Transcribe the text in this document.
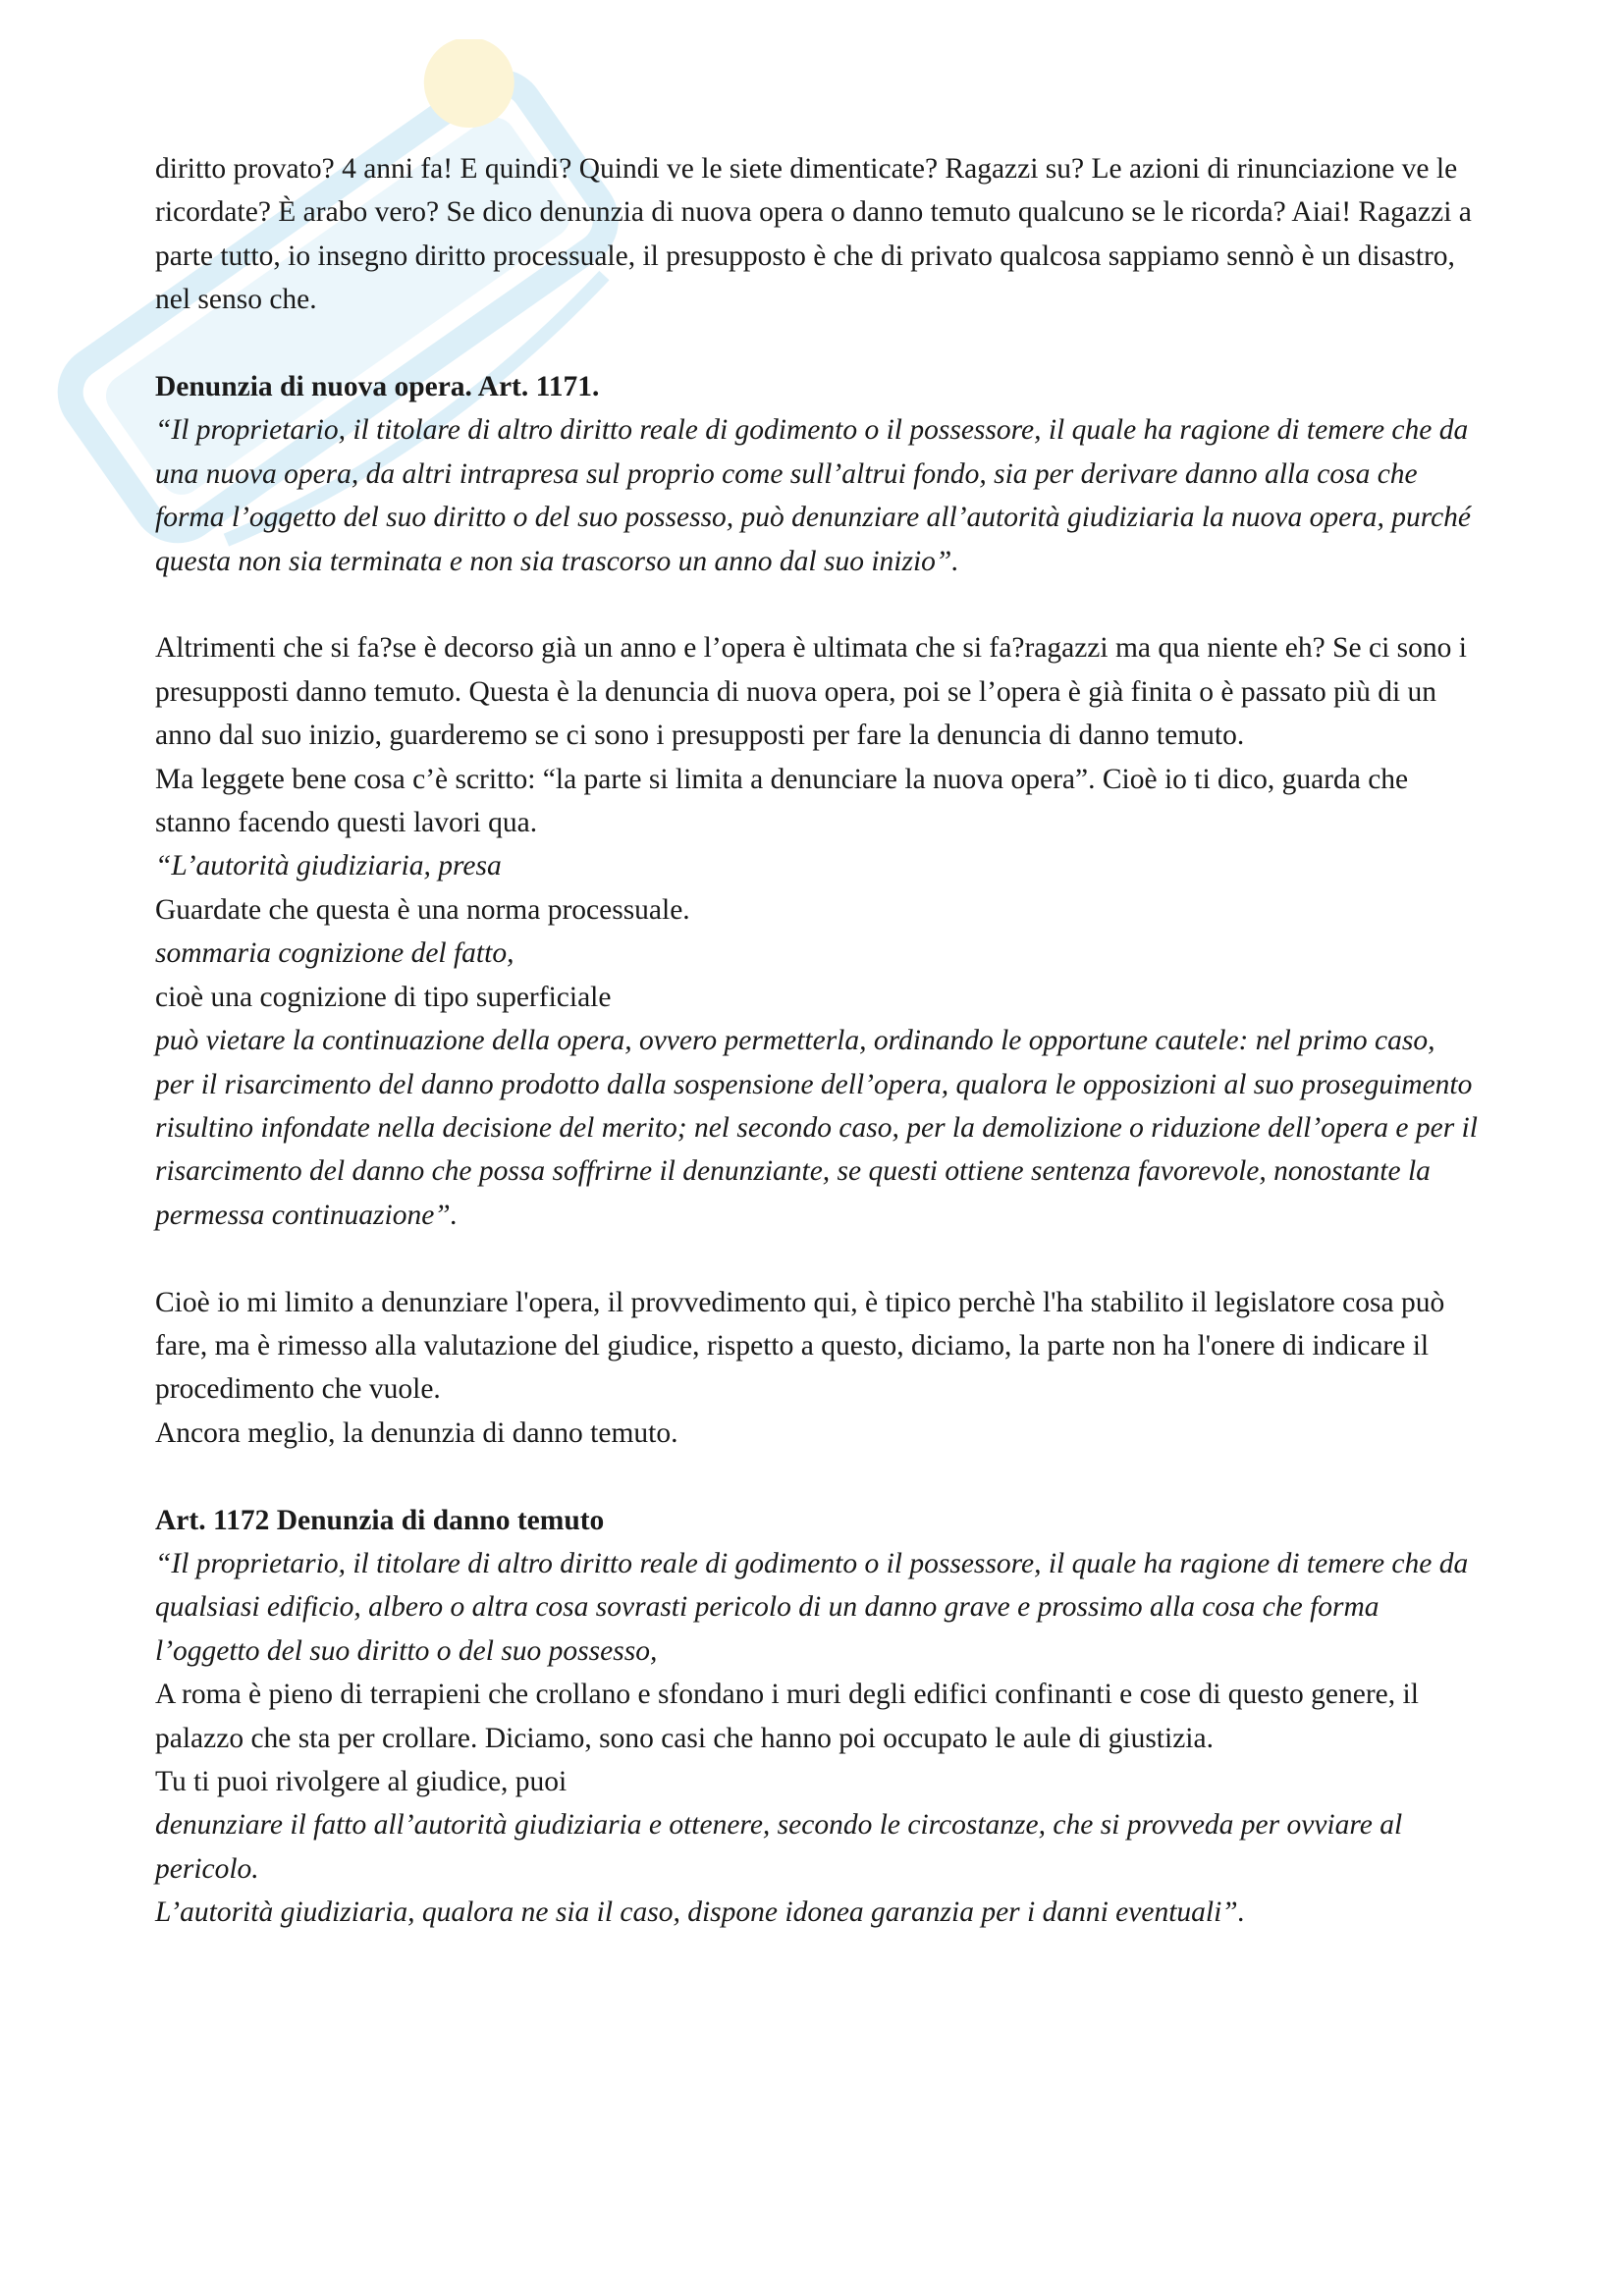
diritto provato? 4 anni fa! E quindi? Quindi ve le siete dimenticate? Ragazzi su? Le azioni di rinunciazione ve le ricordate? È arabo vero? Se dico denunzia di nuova opera o danno temuto qualcuno se le ricorda? Aiai! Ragazzi a parte tutto, io insegno diritto processuale, il presupposto è che di privato qualcosa sappiamo sennò è un disastro, nel senso che.

Denunzia di nuova opera. Art. 1171.

“Il proprietario, il titolare di altro diritto reale di godimento o il possessore, il quale ha ragione di temere che da una nuova opera, da altri intrapresa sul proprio come sull’altrui fondo, sia per derivare danno alla cosa che forma l’oggetto del suo diritto o del suo possesso, può denunziare all’autorità giudiziaria la nuova opera, purché questa non sia terminata e non sia trascorso un anno dal suo inizio”.

Altrimenti che si fa?se è decorso già un anno e l’opera è ultimata che si fa?ragazzi ma qua niente eh? Se ci sono i presupposti danno temuto. Questa è la denuncia di nuova opera, poi se l’opera è già finita o è passato più di un anno dal suo inizio, guarderemo se ci sono i presupposti per fare la denuncia di danno temuto.

Ma leggete bene cosa c’è scritto: “la parte si limita a denunciare la nuova opera”. Cioè io ti dico, guarda che stanno facendo questi lavori qua.

“L’autorità giudiziaria, presa

Guardate che questa è una norma processuale.

sommaria cognizione del fatto,

cioè una cognizione di tipo superficiale

può vietare la continuazione della opera, ovvero permetterla, ordinando le opportune cautele: nel primo caso, per il risarcimento del danno prodotto dalla sospensione dell’opera, qualora le opposizioni al suo proseguimento risultino infondate nella decisione del merito; nel secondo caso, per la demolizione o riduzione dell’opera e per il risarcimento del danno che possa soffrirne il denunziante, se questi ottiene sentenza favorevole, nonostante la permessa continuazione”.

Cioè io mi limito a denunziare l'opera, il provvedimento qui, è tipico perchè l'ha stabilito il legislatore cosa può fare, ma è rimesso alla valutazione del giudice, rispetto a questo, diciamo, la parte non ha l'onere di indicare il procedimento che vuole.

Ancora meglio, la denunzia di danno temuto.

Art. 1172 Denunzia di danno temuto

“Il proprietario, il titolare di altro diritto reale di godimento o il possessore, il quale ha ragione di temere che da qualsiasi edificio, albero o altra cosa sovrasti pericolo di un danno grave e prossimo alla cosa che forma l’oggetto del suo diritto o del suo possesso,

A roma è pieno di terrapieni che crollano e sfondano i muri degli edifici confinanti e cose di questo genere, il palazzo che sta per crollare. Diciamo, sono casi che hanno poi occupato le aule di giustizia.

Tu ti puoi rivolgere al giudice, puoi

denunziare il fatto all’autorità giudiziaria e ottenere, secondo le circostanze, che si provveda per ovviare al pericolo.

L’autorità giudiziaria, qualora ne sia il caso, dispone idonea garanzia per i danni eventuali”.
